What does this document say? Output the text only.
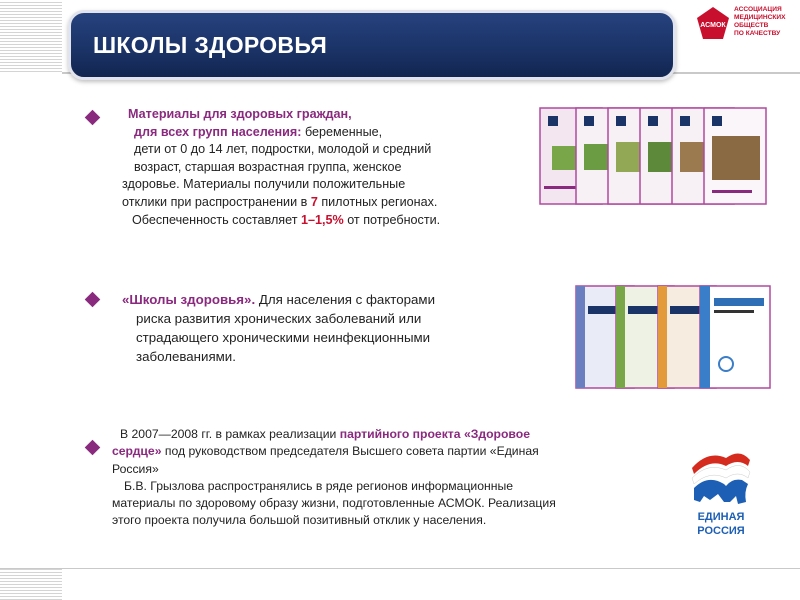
ШКОЛЫ ЗДОРОВЬЯ
АСМОК
АССОЦИАЦИЯ
МЕДИЦИНСКИХ
ОБЩЕСТВ
ПО КАЧЕСТВУ

Материалы для здоровых граждан,

для всех групп населения: беременные,

дети от 0 до 14 лет, подростки, молодой и средний

возраст, старшая возрастная группа, женское

здоровье. Материалы получили положительные

отклики при распространении в 7 пилотных регионах.

Обеспеченность составляет 1–1,5% от потребности.

«Школы здоровья». Для населения с факторами

риска развития хронических заболеваний или

страдающего хроническими неинфекционными

заболеваниями.

В 2007—2008 гг. в рамках реализации партийного проекта «Здоровое

сердце» под руководством председателя Высшего совета партии «Единая

Россия»

Б.В. Грызлова распространялись в ряде регионов информационные

материалы по здоровому образу жизни, подготовленные АСМОК. Реализация

этого проекта получила большой позитивный отклик у населения.	ЕДИНАЯ
РОССИЯ
